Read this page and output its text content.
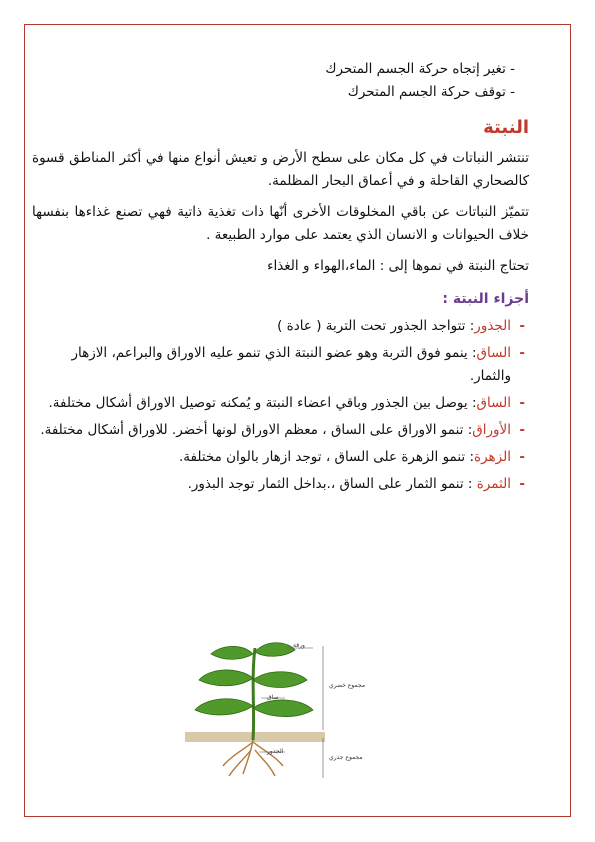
- تغير إتجاه حركة الجسم المتحرك
- توقف حركة الجسم المتحرك
النبتة

تنتشر النباتات في كل مكان على سطح الأرض و تعيش أنواع منها في أكثر المناطق قسوة كالصحاري القاحلة و في أعماق البحار المظلمة.

تتميّز النباتات عن باقي المخلوقات الأخرى أنّها ذات تغذية ذاتية فهي تصنع غذاءها بنفسها خلاف الحيوانات و الانسان الذي يعتمد على موارد الطبيعة .

تحتاج النبتة في نموها إلى : الماء،الهواء و الغذاء

أجزاء النبتة :
-
الجذور: تتواجد الجذور تحت التربة ( عادة )
-
الساق: ينمو فوق التربة وهو عضو النبتة الذي تنمو عليه الاوراق والبراعم، الازهار والثمار.
-
الساق: يوصل بين الجذور وباقي اعضاء النبتة و يُمكنه توصيل الاوراق أشكال مختلفة.
-
الأوراق: تنمو الاوراق على الساق ، معظم الاوراق لونها أخضر. للاوراق أشكال مختلفة.
-
الزهرة: تنمو الزهرة على الساق ، توجد ازهار بالوان مختلفة.
-
الثمرة : تنمو الثمار على الساق ،.بداخل الثمار توجد البذور.
ورقة
ساق
الجذور
مجموع خضري
مجموع جذري
